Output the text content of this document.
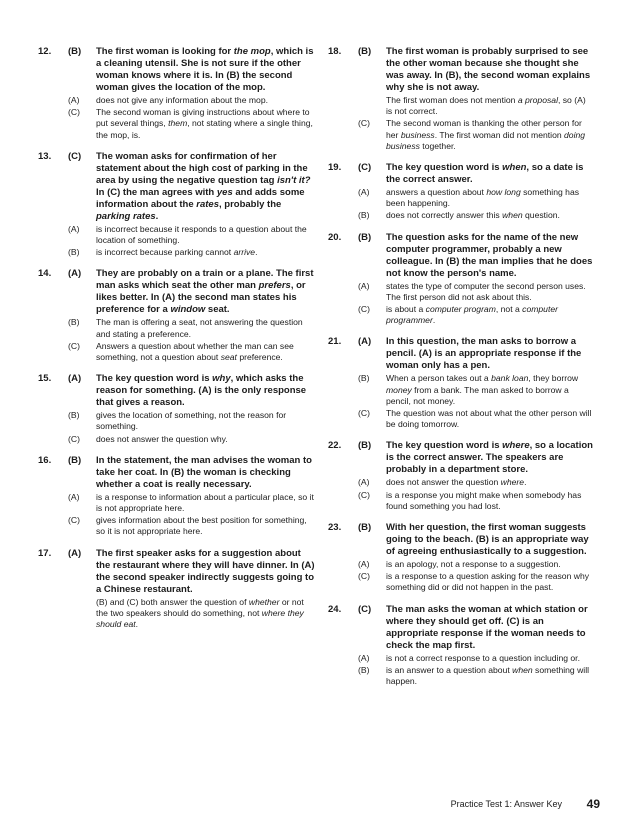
12. (B) The first woman is looking for the mop, which is a cleaning utensil. She is not sure if the other woman knows where it is. In (B) the second woman gives the location of the mop.
(A) does not give any information about the mop.
(C) The second woman is giving instructions about where to put several things, them, not stating where a single thing, the mop, is.
13. (C) The woman asks for confirmation of her statement about the high cost of parking in the area by using the negative question tag isn't it? In (C) the man agrees with yes and adds some information about the rates, probably the parking rates.
(A) is incorrect because it responds to a question about the location of something.
(B) is incorrect because parking cannot arrive.
14. (A) They are probably on a train or a plane. The first man asks which seat the other man prefers, or likes better. In (A) the second man states his preference for a window seat.
(B) The man is offering a seat, not answering the question and stating a preference.
(C) Answers a question about whether the man can see something, not a question about seat preference.
15. (A) The key question word is why, which asks the reason for something. (A) is the only response that gives a reason.
(B) gives the location of something, not the reason for something.
(C) does not answer the question why.
16. (B) In the statement, the man advises the woman to take her coat. In (B) the woman is checking whether a coat is really necessary.
(A) is a response to information about a particular place, so it is not appropriate here.
(C) gives information about the best position for something, so it is not appropriate here.
17. (A) The first speaker asks for a suggestion about the restaurant where they will have dinner. In (A) the second speaker indirectly suggests going to a Chinese restaurant.
(B) and (C) both answer the question of whether or not the two speakers should do something, not where they should eat.
18. (B) The first woman is probably surprised to see the other woman because she thought she was away. In (B), the second woman explains why she is not away.
The first woman does not mention a proposal, so (A) is not correct.
(C) The second woman is thanking the other person for her business. The first woman did not mention doing business together.
19. (C) The key question word is when, so a date is the correct answer.
(A) answers a question about how long something has been happening.
(B) does not correctly answer this when question.
20. (B) The question asks for the name of the new computer programmer, probably a new colleague. In (B) the man implies that he does not know the person's name.
(A) states the type of computer the second person uses. The first person did not ask about this.
(C) is about a computer program, not a computer programmer.
21. (A) In this question, the man asks to borrow a pencil. (A) is an appropriate response if the woman only has a pen.
(B) When a person takes out a bank loan, they borrow money from a bank. The man asked to borrow a pencil, not money.
(C) The question was not about what the other person will be doing tomorrow.
22. (B) The key question word is where, so a location is the correct answer. The speakers are probably in a department store.
(A) does not answer the question where.
(C) is a response you might make when somebody has found something you had lost.
23. (B) With her question, the first woman suggests going to the beach. (B) is an appropriate way of agreeing enthusiastically to a suggestion.
(A) is an apology, not a response to a suggestion.
(C) is a response to a question asking for the reason why something did or did not happen in the past.
24. (C) The man asks the woman at which station or where they should get off. (C) is an appropriate response if the woman needs to check the map first.
(A) is not a correct response to a question including or.
(B) is an answer to a question about when something will happen.
Practice Test 1: Answer Key 49
